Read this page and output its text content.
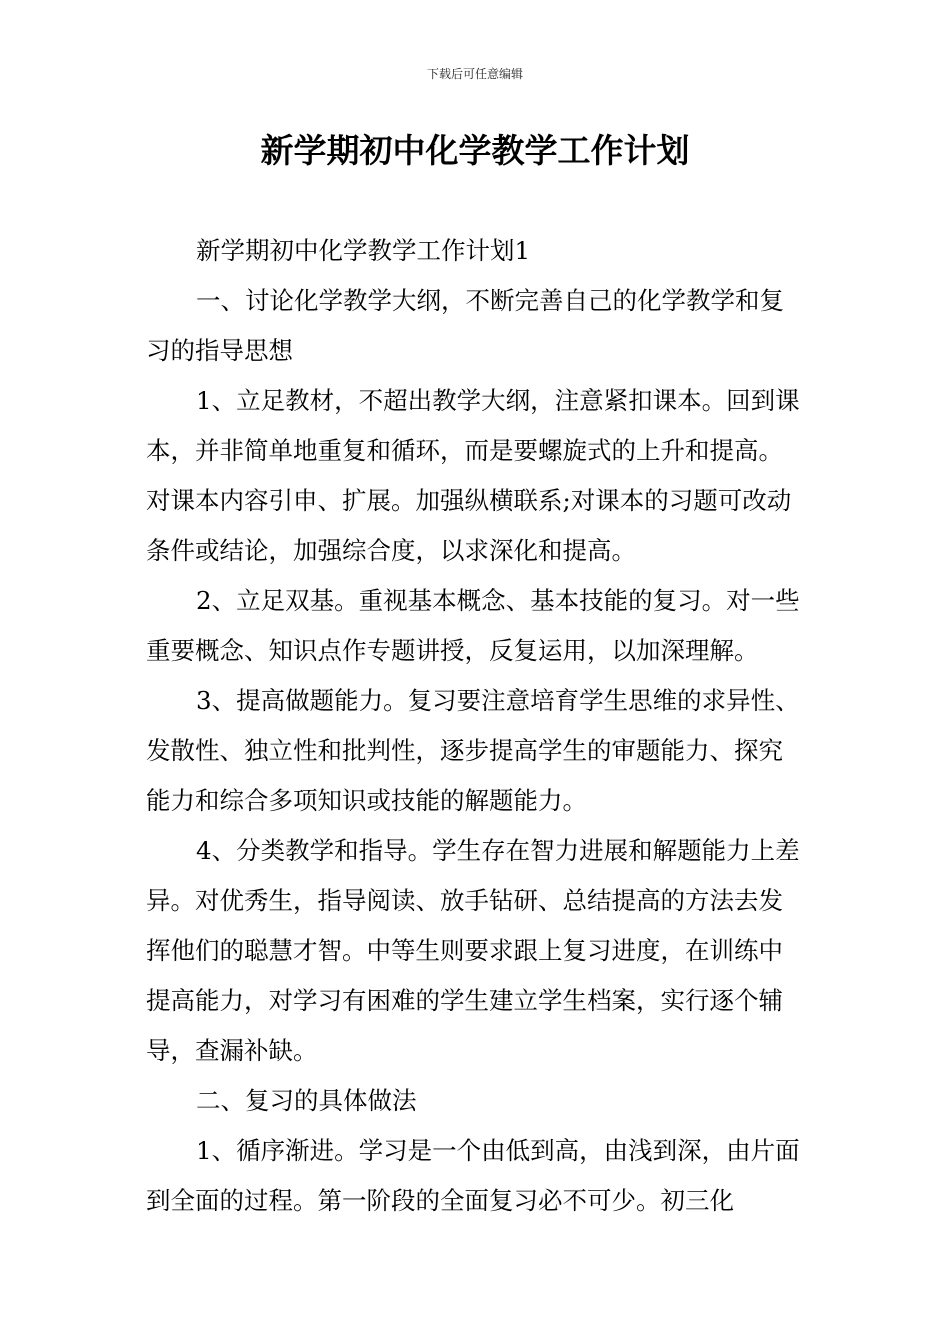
下载后可任意编辑
新学期初中化学教学工作计划

新学期初中化学教学工作计划1

一、讨论化学教学大纲，不断完善自己的化学教学和复习的指导思想

1、立足教材，不超出教学大纲，注意紧扣课本。回到课本，并非简单地重复和循环，而是要螺旋式的上升和提高。对课本内容引申、扩展。加强纵横联系;对课本的习题可改动条件或结论，加强综合度，以求深化和提高。

2、立足双基。重视基本概念、基本技能的复习。对一些重要概念、知识点作专题讲授，反复运用，以加深理解。

3、提高做题能力。复习要注意培育学生思维的求异性、发散性、独立性和批判性，逐步提高学生的审题能力、探究能力和综合多项知识或技能的解题能力。

4、分类教学和指导。学生存在智力进展和解题能力上差异。对优秀生，指导阅读、放手钻研、总结提高的方法去发挥他们的聪慧才智。中等生则要求跟上复习进度，在训练中提高能力，对学习有困难的学生建立学生档案，实行逐个辅导，查漏补缺。

二、复习的具体做法

1、循序渐进。学习是一个由低到高，由浅到深，由片面到全面的过程。第一阶段的全面复习必不可少。初三化
